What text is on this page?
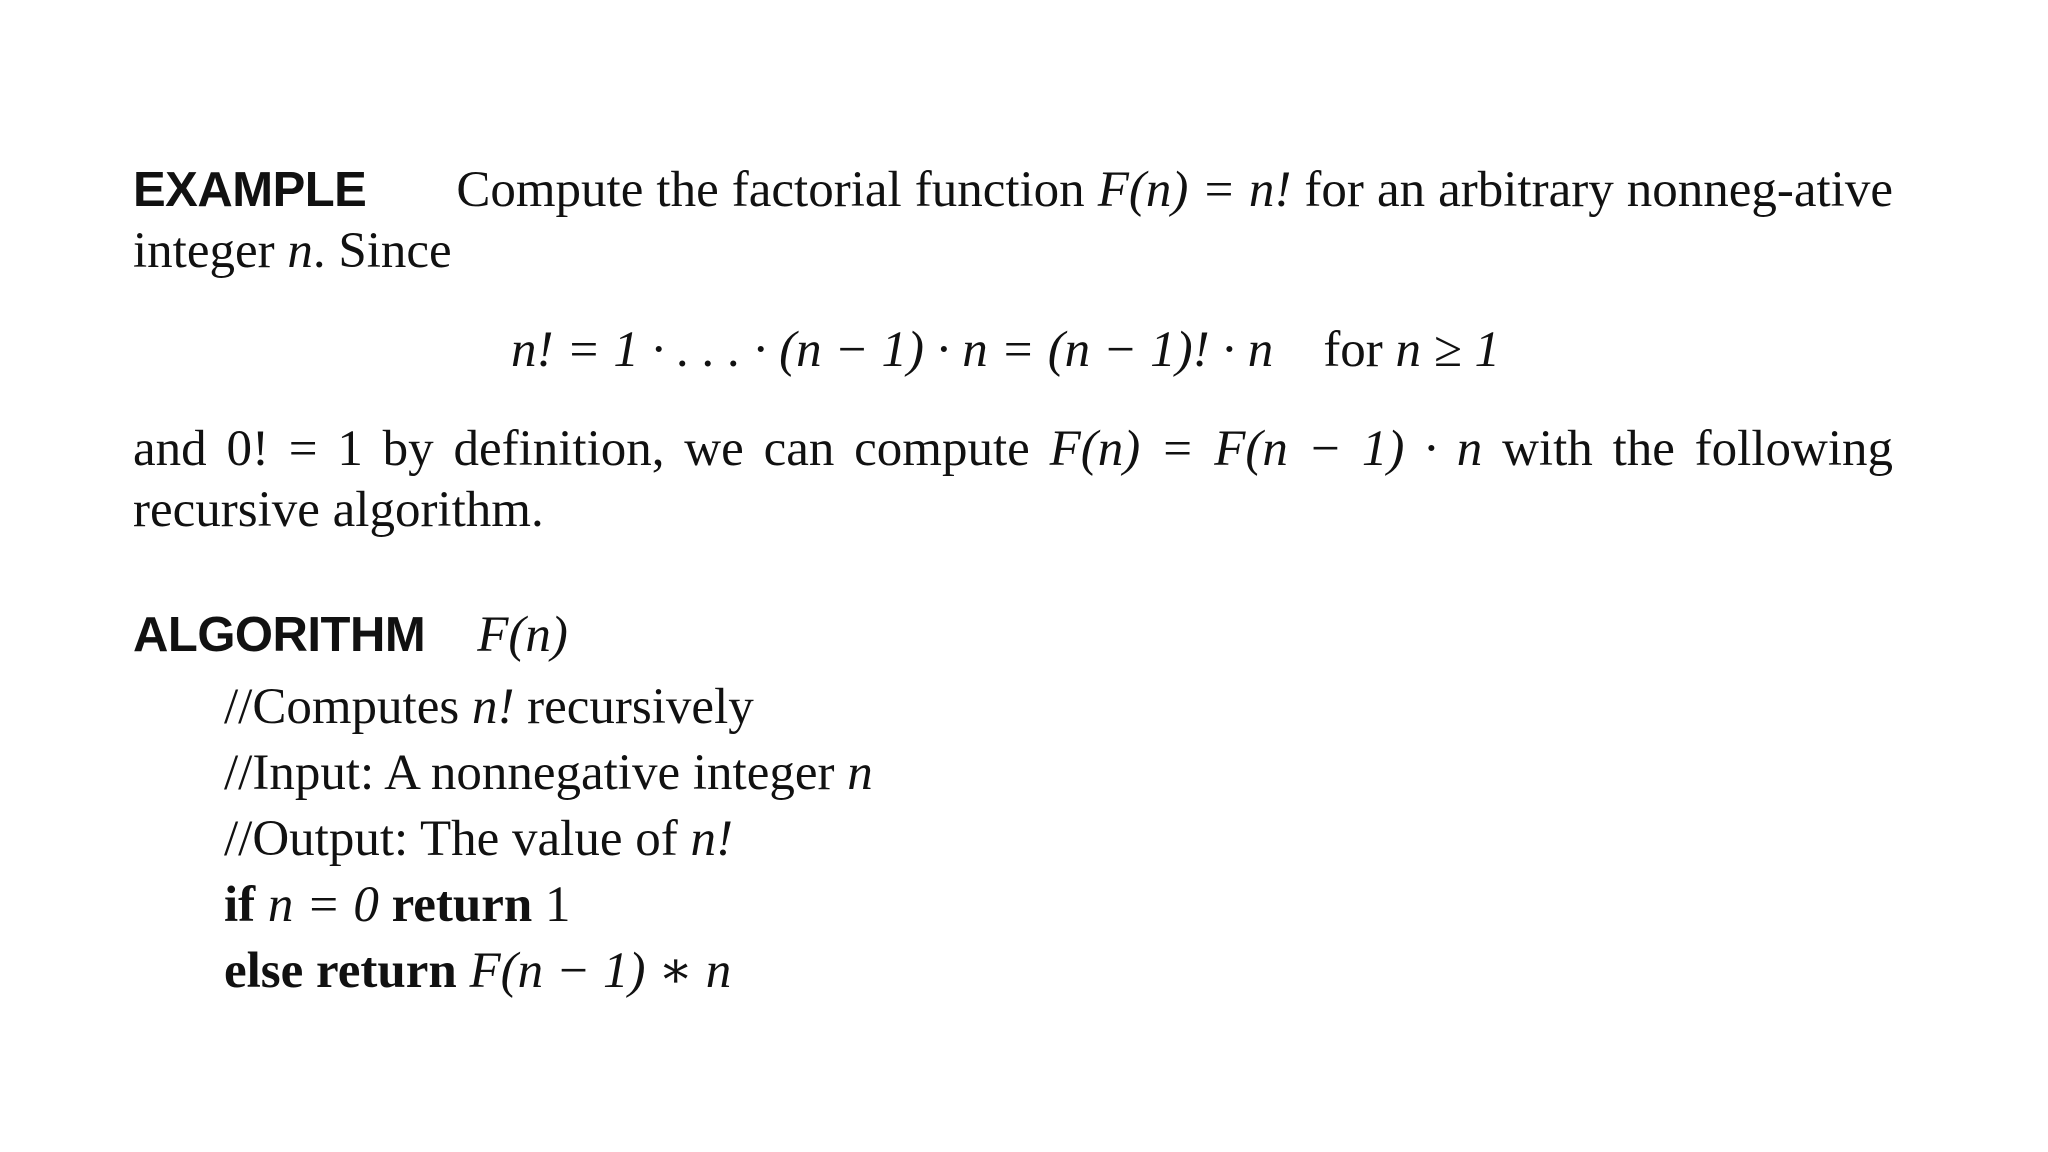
EXAMPLE Compute the factorial function F(n) = n! for an arbitrary nonneg-ative integer n. Since
n! = 1 · . . . · (n − 1) · n = (n − 1)! · n for n ≥ 1
and 0! = 1 by definition, we can compute F(n) = F(n − 1) · n with the following recursive algorithm.
ALGORITHM F(n)
//Computes n! recursively
//Input: A nonnegative integer n
//Output: The value of n!
if n = 0 return 1
else return F(n − 1) ∗ n
